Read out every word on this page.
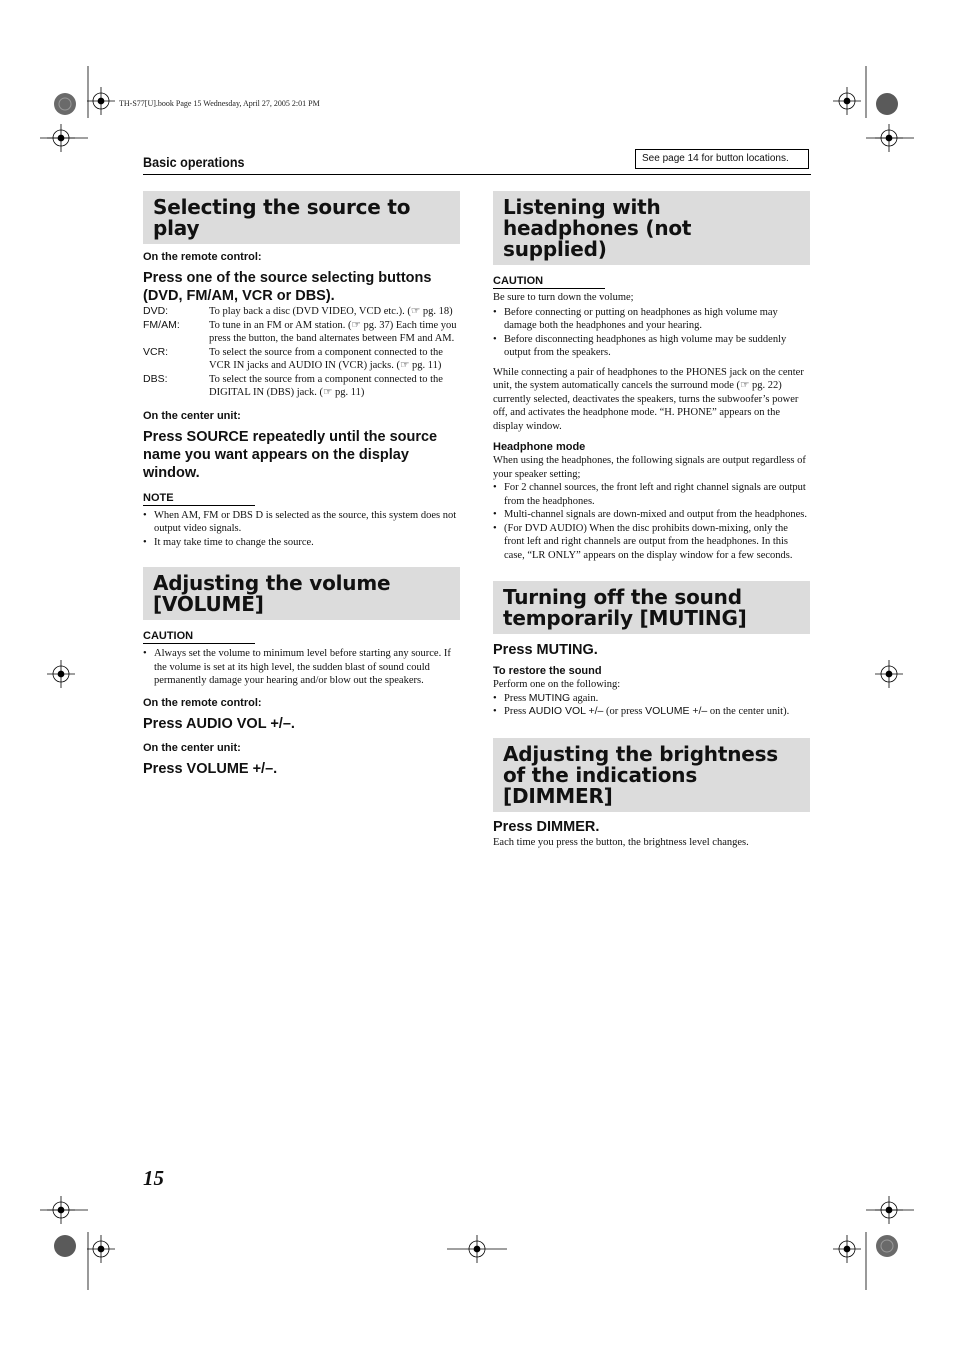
TH-S77[U].book Page 15 Wednesday, April 27, 2005 2:01 PM
Basic operations	See page 14 for button locations.
Selecting the source to play
On the remote control:
Press one of the source selecting buttons (DVD, FM/AM, VCR or DBS).
DVD:	To play back a disc (DVD VIDEO, VCD etc.). (☞ pg. 18)
FM/AM:	To tune in an FM or AM station. (☞ pg. 37) Each time you press the button, the band alternates between FM and AM.
VCR:	To select the source from a component connected to the VCR IN jacks and AUDIO IN (VCR) jacks. (☞ pg. 11)
DBS:	To select the source from a component connected to the DIGITAL IN (DBS) jack. (☞ pg. 11)
On the center unit:
Press SOURCE repeatedly until the source name you want appears on the display window.
NOTE
• When AM, FM or DBS D is selected as the source, this system does not output video signals.
• It may take time to change the source.
Adjusting the volume [VOLUME]
CAUTION
• Always set the volume to minimum level before starting any source. If the volume is set at its high level, the sudden blast of sound could permanently damage your hearing and/or blow out the speakers.
On the remote control:
Press AUDIO VOL +/–.
On the center unit:
Press VOLUME +/–.
Listening with headphones (not supplied)
CAUTION
Be sure to turn down the volume;
• Before connecting or putting on headphones as high volume may damage both the headphones and your hearing.
• Before disconnecting headphones as high volume may be suddenly output from the speakers.
While connecting a pair of headphones to the PHONES jack on the center unit, the system automatically cancels the surround mode (☞ pg. 22) currently selected, deactivates the speakers, turns the subwoofer’s power off, and activates the headphone mode. “H. PHONE” appears on the display window.
Headphone mode
When using the headphones, the following signals are output regardless of your speaker setting;
• For 2 channel sources, the front left and right channel signals are output from the headphones.
• Multi-channel signals are down-mixed and output from the headphones.
• (For DVD AUDIO) When the disc prohibits down-mixing, only the front left and right channels are output from the headphones. In this case, “LR ONLY” appears on the display window for a few seconds.
Turning off the sound temporarily [MUTING]
Press MUTING.
To restore the sound
Perform one on the following:
• Press MUTING again.
• Press AUDIO VOL +/– (or press VOLUME +/– on the center unit).
Adjusting the brightness of the indications [DIMMER]
Press DIMMER.
Each time you press the button, the brightness level changes.
15
